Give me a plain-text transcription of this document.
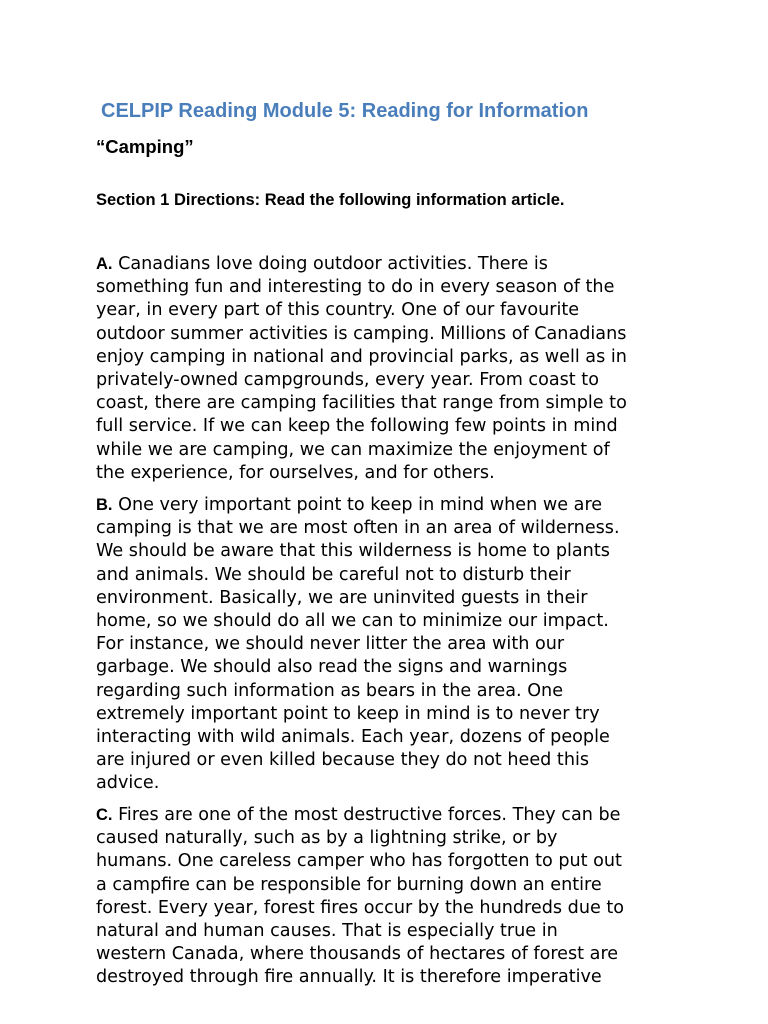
CELPIP Reading Module 5: Reading for Information
“Camping”

Section 1 Directions: Read the following information article.

A. Canadians love doing outdoor activities. There is
something fun and interesting to do in every season of the
year, in every part of this country. One of our favourite
outdoor summer activities is camping. Millions of Canadians
enjoy camping in national and provincial parks, as well as in
privately-owned campgrounds, every year. From coast to
coast, there are camping facilities that range from simple to
full service. If we can keep the following few points in mind
while we are camping, we can maximize the enjoyment of
the experience, for ourselves, and for others.
B. One very important point to keep in mind when we are
camping is that we are most often in an area of wilderness.
We should be aware that this wilderness is home to plants
and animals. We should be careful not to disturb their
environment. Basically, we are uninvited guests in their
home, so we should do all we can to minimize our impact.
For instance, we should never litter the area with our
garbage. We should also read the signs and warnings
regarding such information as bears in the area. One
extremely important point to keep in mind is to never try
interacting with wild animals. Each year, dozens of people
are injured or even killed because they do not heed this
advice.
C. Fires are one of the most destructive forces. They can be
caused naturally, such as by a lightning strike, or by
humans. One careless camper who has forgotten to put out
a campfire can be responsible for burning down an entire
forest. Every year, forest fires occur by the hundreds due to
natural and human causes. That is especially true in
western Canada, where thousands of hectares of forest are
destroyed through fire annually. It is therefore imperative
